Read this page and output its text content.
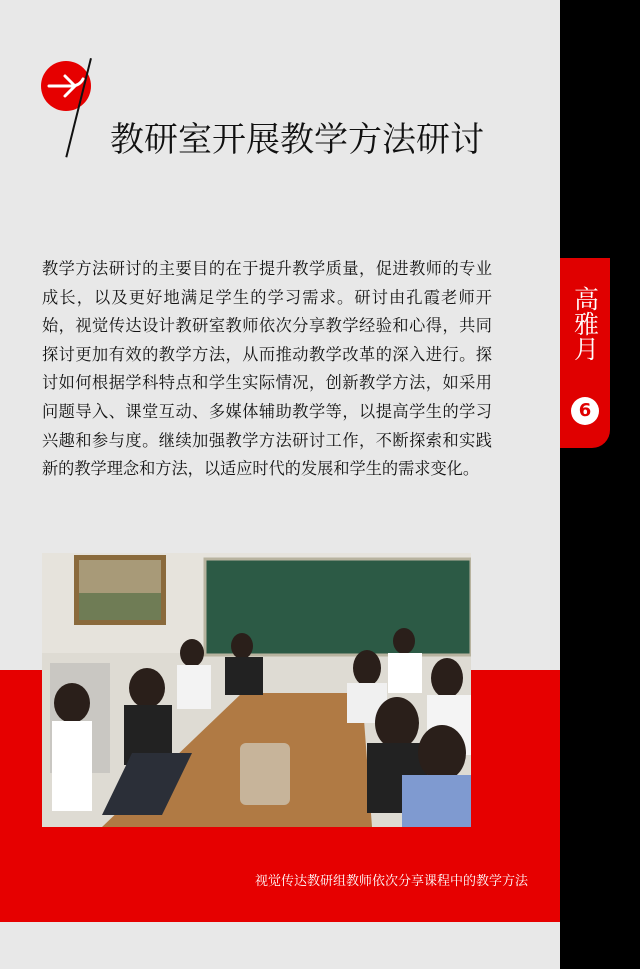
高雅月
6
教研室开展教学方法研讨

教学方法研讨的主要目的在于提升教学质量，促进教师的专业成长，以及更好地满足学生的学习需求。研讨由孔霞老师开始，视觉传达设计教研室教师依次分享教学经验和心得，共同探讨更加有效的教学方法，从而推动教学改革的深入进行。探讨如何根据学科特点和学生实际情况，创新教学方法，如采用问题导入、课堂互动、多媒体辅助教学等，以提高学生的学习兴趣和参与度。继续加强教学方法研讨工作，不断探索和实践新的教学理念和方法，以适应时代的发展和学生的需求变化。

视觉传达教研组教师依次分享课程中的教学方法
